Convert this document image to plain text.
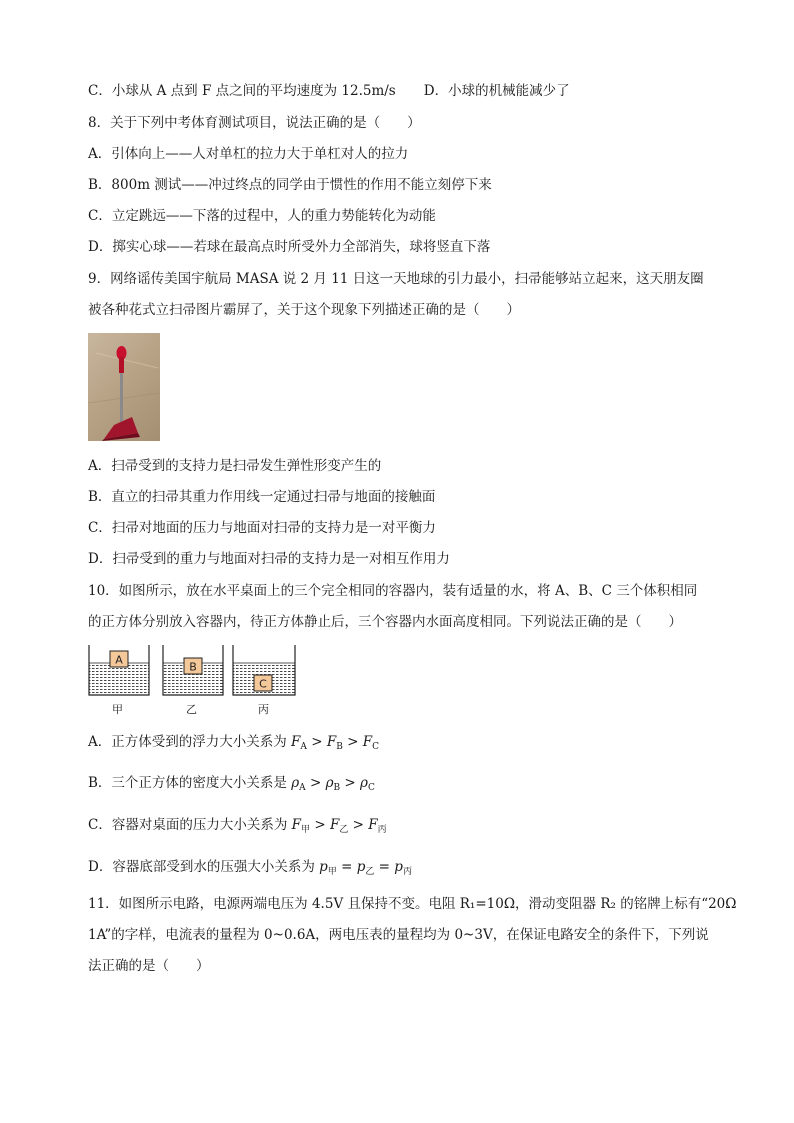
C．小球从 A 点到 F 点之间的平均速度为 12.5m/s D．小球的机械能减少了
8．关于下列中考体育测试项目，说法正确的是（　　）
A．引体向上——人对单杠的拉力大于单杠对人的拉力
B．800m 测试——冲过终点的同学由于惯性的作用不能立刻停下来
C．立定跳远——下落的过程中，人的重力势能转化为动能
D．掷实心球——若球在最高点时所受外力全部消失，球将竖直下落
9．网络谣传美国宇航局 MASA 说 2 月 11 日这一天地球的引力最小，扫帚能够站立起来，这天朋友圈
被各种花式立扫帚图片霸屏了，关于这个现象下列描述正确的是（　　）
A．扫帚受到的支持力是扫帚发生弹性形变产生的
B．直立的扫帚其重力作用线一定通过扫帚与地面的接触面
C．扫帚对地面的压力与地面对扫帚的支持力是一对平衡力
D．扫帚受到的重力与地面对扫帚的支持力是一对相互作用力
10．如图所示，放在水平桌面上的三个完全相同的容器内，装有适量的水，将 A、B、C 三个体积相同
的正方体分别放入容器内，待正方体静止后，三个容器内水面高度相同。下列说法正确的是（　　）
A
B
C
甲	乙	丙
A．正方体受到的浮力大小关系为 $F_A > F_B > F_C$
B．三个正方体的密度大小关系是 $\rho_A > \rho_B > \rho_C$
C．容器对桌面的压力大小关系为 $F_甲 > F_乙 > F_丙$
D．容器底部受到水的压强大小关系为 $p_甲 = p_乙 = p_丙$
11．如图所示电路，电源两端电压为 4.5V 且保持不变。电阻 R₁=10Ω，滑动变阻器 R₂ 的铭牌上标有“20Ω
1A”的字样，电流表的量程为 0~0.6A，两电压表的量程均为 0~3V，在保证电路安全的条件下，下列说
法正确的是（　　）
